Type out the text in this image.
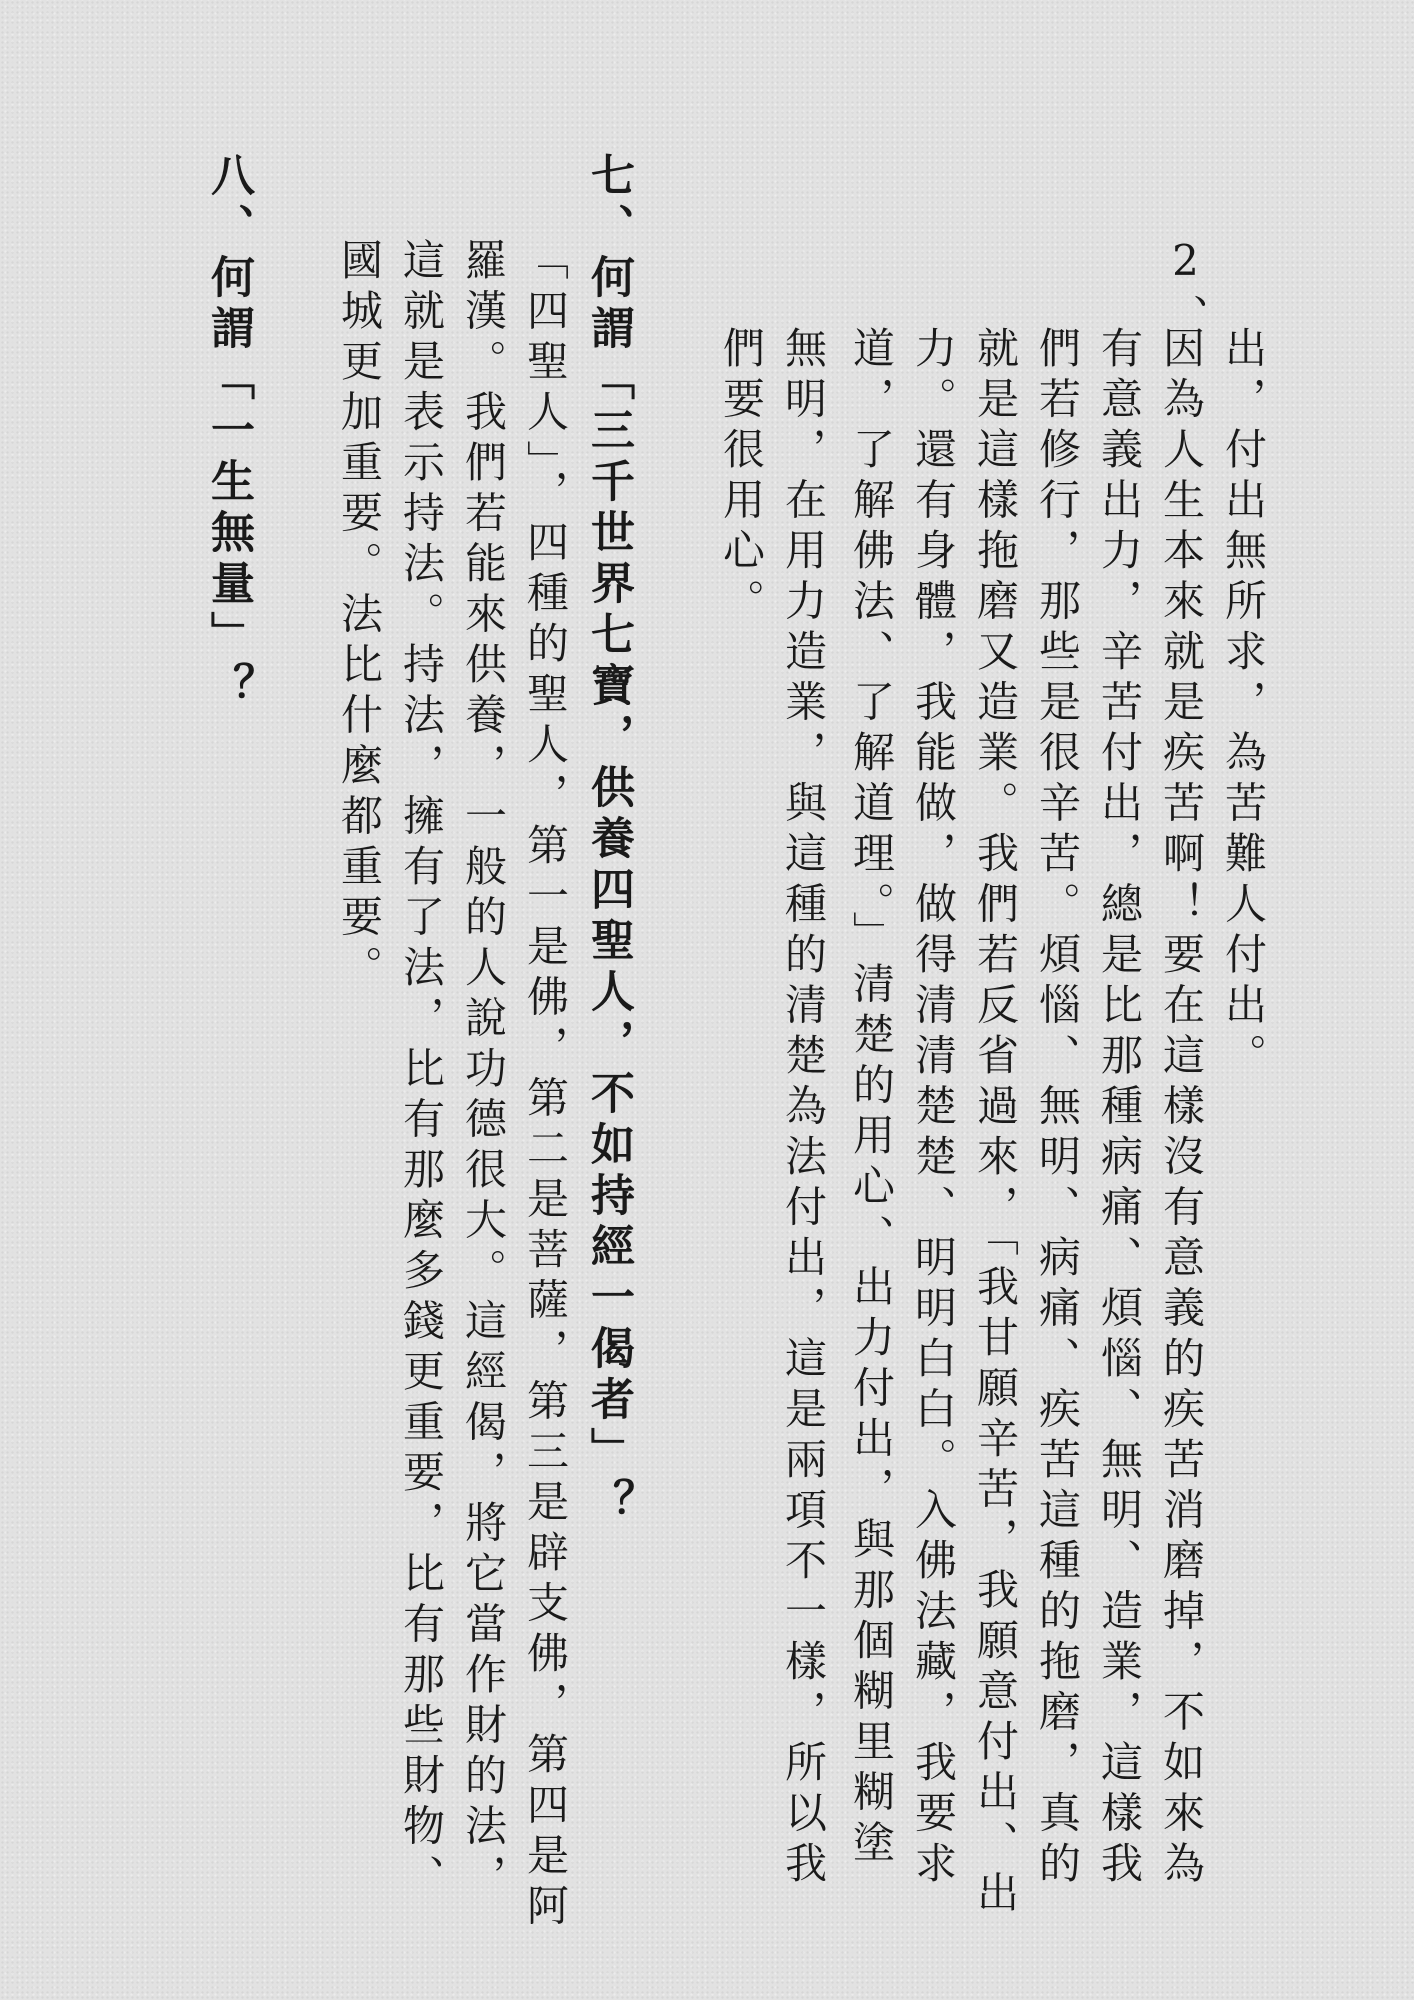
2、
出，付出無所求，為苦難人付出。
因為人生本來就是疾苦啊！要在這樣沒有意義的疾苦消磨掉，不如來為
有意義出力，辛苦付出，總是比那種病痛、煩惱、無明、造業，這樣我
們若修行，那些是很辛苦。煩惱、無明、病痛、疾苦這種的拖磨，真的
就是這樣拖磨又造業。我們若反省過來，「我甘願辛苦，我願意付出、出
力。還有身體，我能做，做得清清楚楚、明明白白。入佛法藏，我要求
道，了解佛法、了解道理。」清楚的用心、出力付出，與那個糊里糊塗
無明，在用力造業，與這種的清楚為法付出，這是兩項不一樣，所以我
們要很用心。
七、何謂「三千世界七寶，供養四聖人，不如持經一偈者」？
「四聖人」，四種的聖人，第一是佛，第二是菩薩，第三是辟支佛，第四是阿
羅漢。我們若能來供養，一般的人說功德很大。這經偈，將它當作財的法，
這就是表示持法。持法，擁有了法，比有那麼多錢更重要，比有那些財物、
國城更加重要。法比什麼都重要。
八、何謂「一生無量」？
